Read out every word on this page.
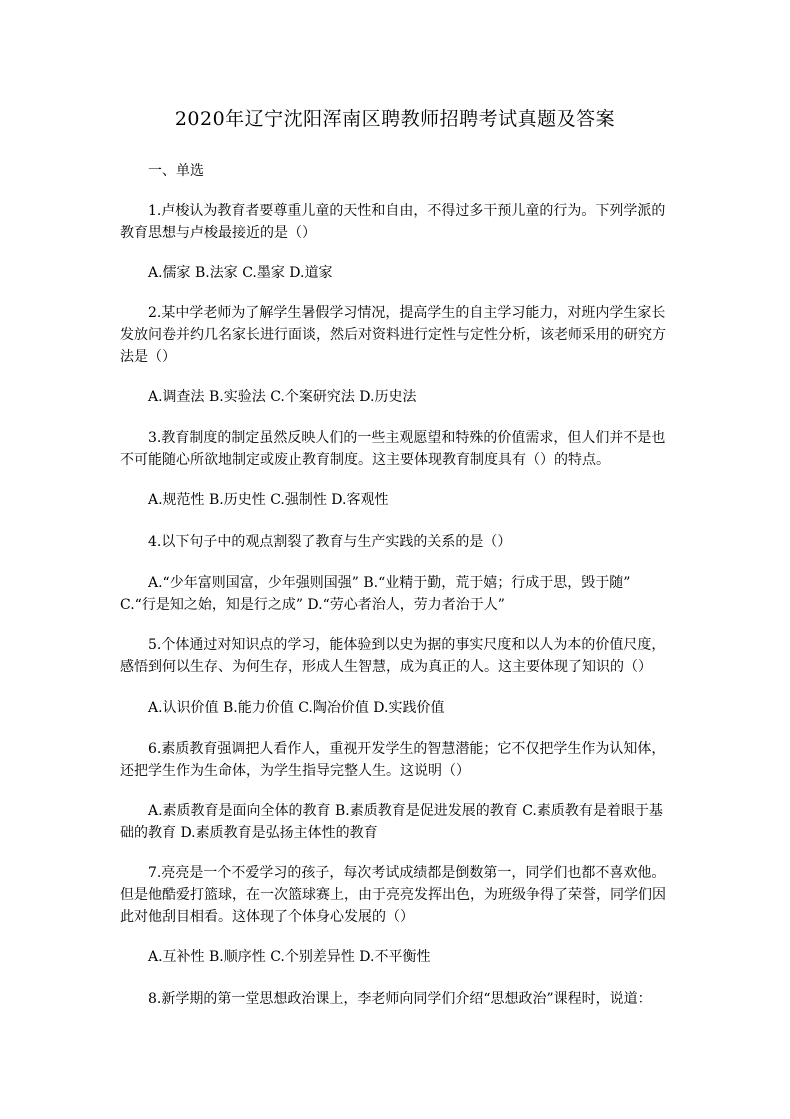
2020年辽宁沈阳浑南区聘教师招聘考试真题及答案
一、单选
1.卢梭认为教育者要尊重儿童的天性和自由，不得过多干预儿童的行为。下列学派的
教育思想与卢梭最接近的是（）
A.儒家 B.法家 C.墨家 D.道家
2.某中学老师为了解学生暑假学习情况，提高学生的自主学习能力，对班内学生家长
发放问卷并约几名家长进行面谈，然后对资料进行定性与定性分析，该老师采用的研究方
法是（）
A.调查法 B.实验法 C.个案研究法 D.历史法
3.教育制度的制定虽然反映人们的一些主观愿望和特殊的价值需求，但人们并不是也
不可能随心所欲地制定或废止教育制度。这主要体现教育制度具有（）的特点。
A.规范性 B.历史性 C.强制性 D.客观性
4.以下句子中的观点割裂了教育与生产实践的关系的是（）
A.“少年富则国富，少年强则国强” B.“业精于勤，荒于嬉；行成于思，毁于随”
C.“行是知之始，知是行之成” D.“劳心者治人，劳力者治于人”
5.个体通过对知识点的学习，能体验到以史为据的事实尺度和以人为本的价值尺度，
感悟到何以生存、为何生存，形成人生智慧，成为真正的人。这主要体现了知识的（）
A.认识价值 B.能力价值 C.陶冶价值 D.实践价值
6.素质教育强调把人看作人，重视开发学生的智慧潜能；它不仅把学生作为认知体，
还把学生作为生命体，为学生指导完整人生。这说明（）
A.素质教育是面向全体的教育 B.素质教育是促进发展的教育 C.素质教有是着眼于基
础的教育 D.素质教育是弘扬主体性的教育
7.亮亮是一个不爱学习的孩子，每次考试成绩都是倒数第一，同学们也都不喜欢他。
但是他酷爱打篮球，在一次篮球赛上，由于亮亮发挥出色，为班级争得了荣誉，同学们因
此对他刮目相看。这体现了个体身心发展的（）
A.互补性 B.顺序性 C.个别差异性 D.不平衡性
8.新学期的第一堂思想政治课上，李老师向同学们介绍“思想政治”课程时，说道：
